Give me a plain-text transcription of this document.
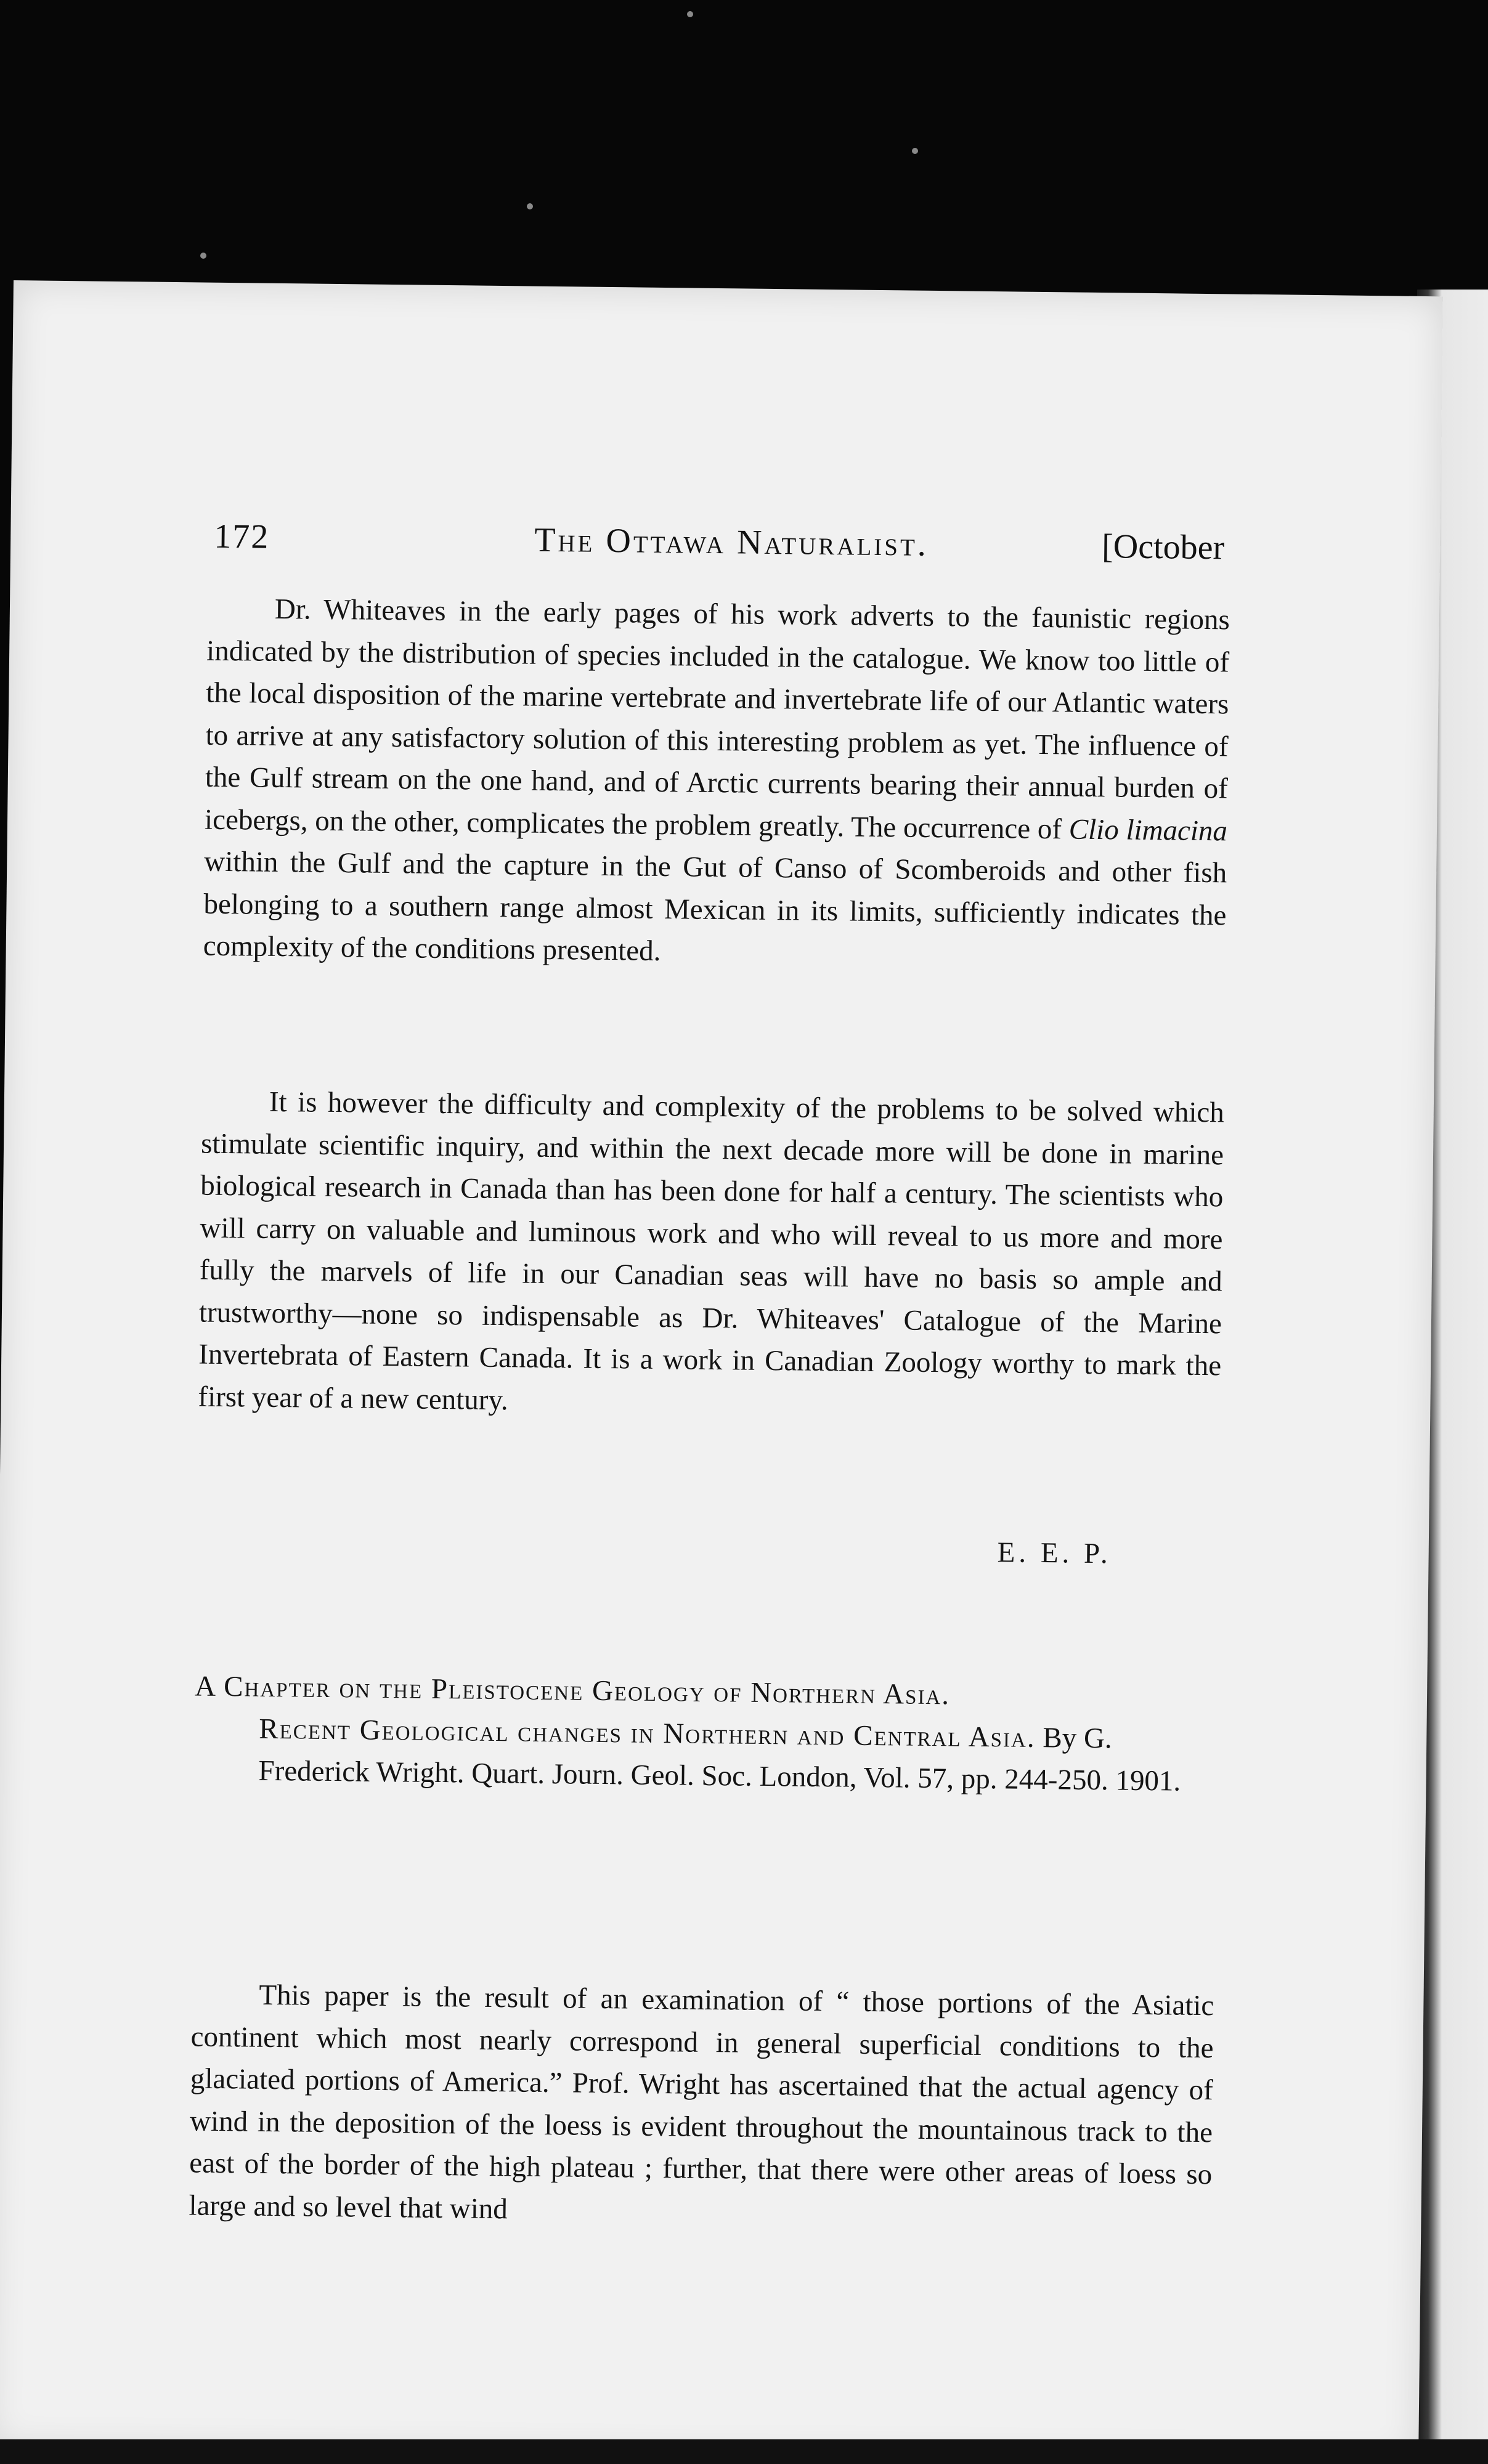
172	The Ottawa Naturalist.	[October

Dr. Whiteaves in the early pages of his work adverts to the faunistic regions indicated by the distribution of species included in the catalogue. We know too little of the local disposition of the marine vertebrate and invertebrate life of our Atlantic waters to arrive at any satisfactory solution of this interesting problem as yet. The influence of the Gulf stream on the one hand, and of Arctic currents bearing their annual burden of icebergs, on the other, complicates the problem greatly. The occurrence of Clio limacina within the Gulf and the capture in the Gut of Canso of Scomberoids and other fish belonging to a southern range almost Mexican in its limits, sufficiently indicates the complexity of the conditions presented.

It is however the difficulty and complexity of the problems to be solved which stimulate scientific inquiry, and within the next decade more will be done in marine biological research in Canada than has been done for half a century. The scientists who will carry on valuable and luminous work and who will reveal to us more and more fully the marvels of life in our Canadian seas will have no basis so ample and trustworthy—none so indispensable as Dr. Whiteaves' Catalogue of the Marine Invertebrata of Eastern Canada. It is a work in Canadian Zoology worthy to mark the first year of a new century.

E. E. P.
A Chapter on the Pleistocene Geology of Northern Asia.
Recent Geological changes in Northern and Central Asia. By G. Frederick Wright. Quart. Journ. Geol. Soc. London, Vol. 57, pp. 244-250. 1901.

This paper is the result of an examination of “ those portions of the Asiatic continent which most nearly correspond in general superficial conditions to the glaciated portions of America.” Prof. Wright has ascertained that the actual agency of wind in the deposition of the loess is evident throughout the mountainous track to the east of the border of the high plateau ; further, that there were other areas of loess so large and so level that wind
